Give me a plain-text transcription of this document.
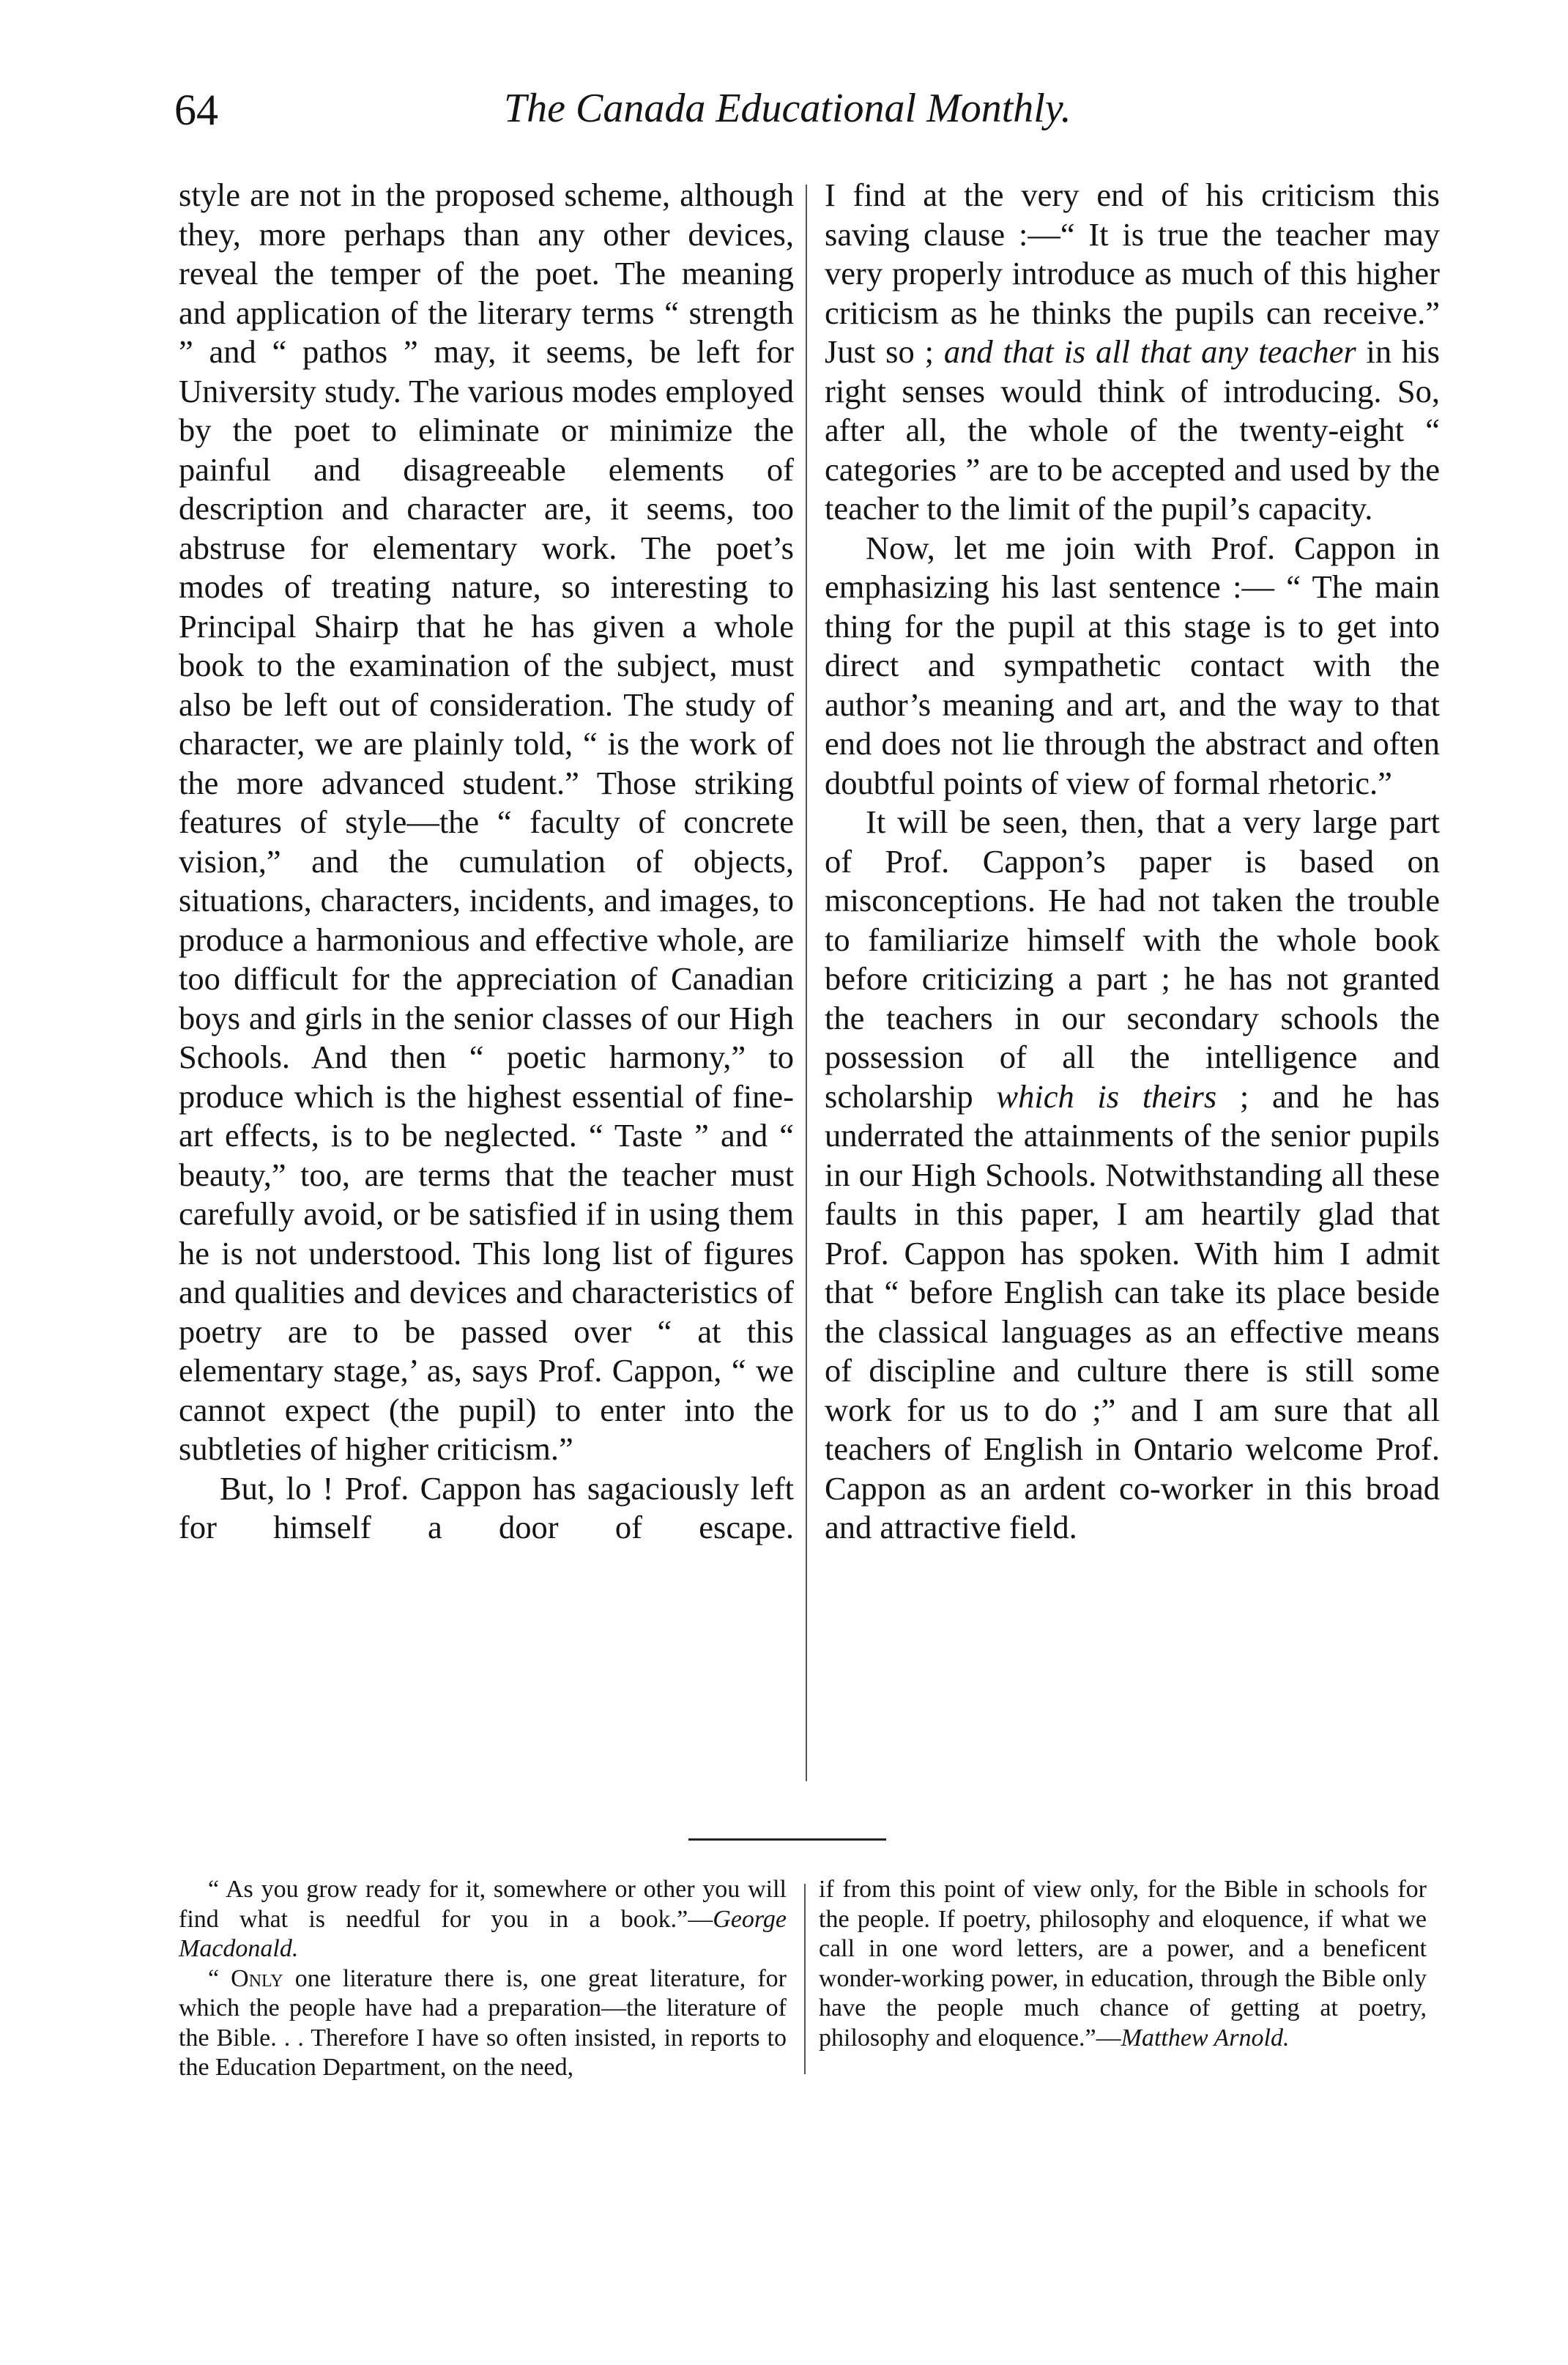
64	The Canada Educational Monthly.

style are not in the proposed scheme, although they, more perhaps than any other devices, reveal the temper of the poet. The meaning and application of the literary terms “ strength ” and “ pathos ” may, it seems, be left for University study. The various modes employed by the poet to eliminate or minimize the painful and disagreeable elements of description and character are, it seems, too abstruse for elementary work. The poet’s modes of treating nature, so interesting to Principal Shairp that he has given a whole book to the examination of the subject, must also be left out of consideration. The study of character, we are plainly told, “ is the work of the more advanced student.” Those striking features of style—the “ faculty of concrete vision,” and the cumulation of objects, situations, characters, incidents, and images, to produce a harmonious and effective whole, are too difficult for the appreciation of Canadian boys and girls in the senior classes of our High Schools. And then “ poetic harmony,” to produce which is the highest essential of fine-art effects, is to be neglected. “ Taste ” and “ beauty,” too, are terms that the teacher must carefully avoid, or be satisfied if in using them he is not understood. This long list of figures and qualities and devices and characteristics of poetry are to be passed over “ at this elementary stage,’ as, says Prof. Cappon, “ we cannot expect (the pupil) to enter into the subtleties of higher criticism.”

But, lo ! Prof. Cappon has sagaciously left for himself a door of escape.

I find at the very end of his criticism this saving clause :—“ It is true the teacher may very properly introduce as much of this higher criticism as he thinks the pupils can receive.” Just so ; and that is all that any teacher in his right senses would think of introducing. So, after all, the whole of the twenty-eight “ categories ” are to be accepted and used by the teacher to the limit of the pupil’s capacity.

Now, let me join with Prof. Cappon in emphasizing his last sentence :— “ The main thing for the pupil at this stage is to get into direct and sympathetic contact with the author’s meaning and art, and the way to that end does not lie through the abstract and often doubtful points of view of formal rhetoric.”

It will be seen, then, that a very large part of Prof. Cappon’s paper is based on misconceptions. He had not taken the trouble to familiarize himself with the whole book before criticizing a part ; he has not granted the teachers in our secondary schools the possession of all the intelligence and scholarship which is theirs ; and he has underrated the attainments of the senior pupils in our High Schools. Notwithstanding all these faults in this paper, I am heartily glad that Prof. Cappon has spoken. With him I admit that “ before English can take its place beside the classical languages as an effective means of discipline and culture there is still some work for us to do ;” and I am sure that all teachers of English in Ontario welcome Prof. Cappon as an ardent co-worker in this broad and attractive field.

“ As you grow ready for it, somewhere or other you will find what is needful for you in a book.”—George Macdonald.

“ Only one literature there is, one great literature, for which the people have had a preparation—the literature of the Bible. . . Therefore I have so often insisted, in reports to the Education Department, on the need,

if from this point of view only, for the Bible in schools for the people. If poetry, philosophy and eloquence, if what we call in one word letters, are a power, and a beneficent wonder-working power, in education, through the Bible only have the people much chance of getting at poetry, philosophy and eloquence.”—Matthew Arnold.
